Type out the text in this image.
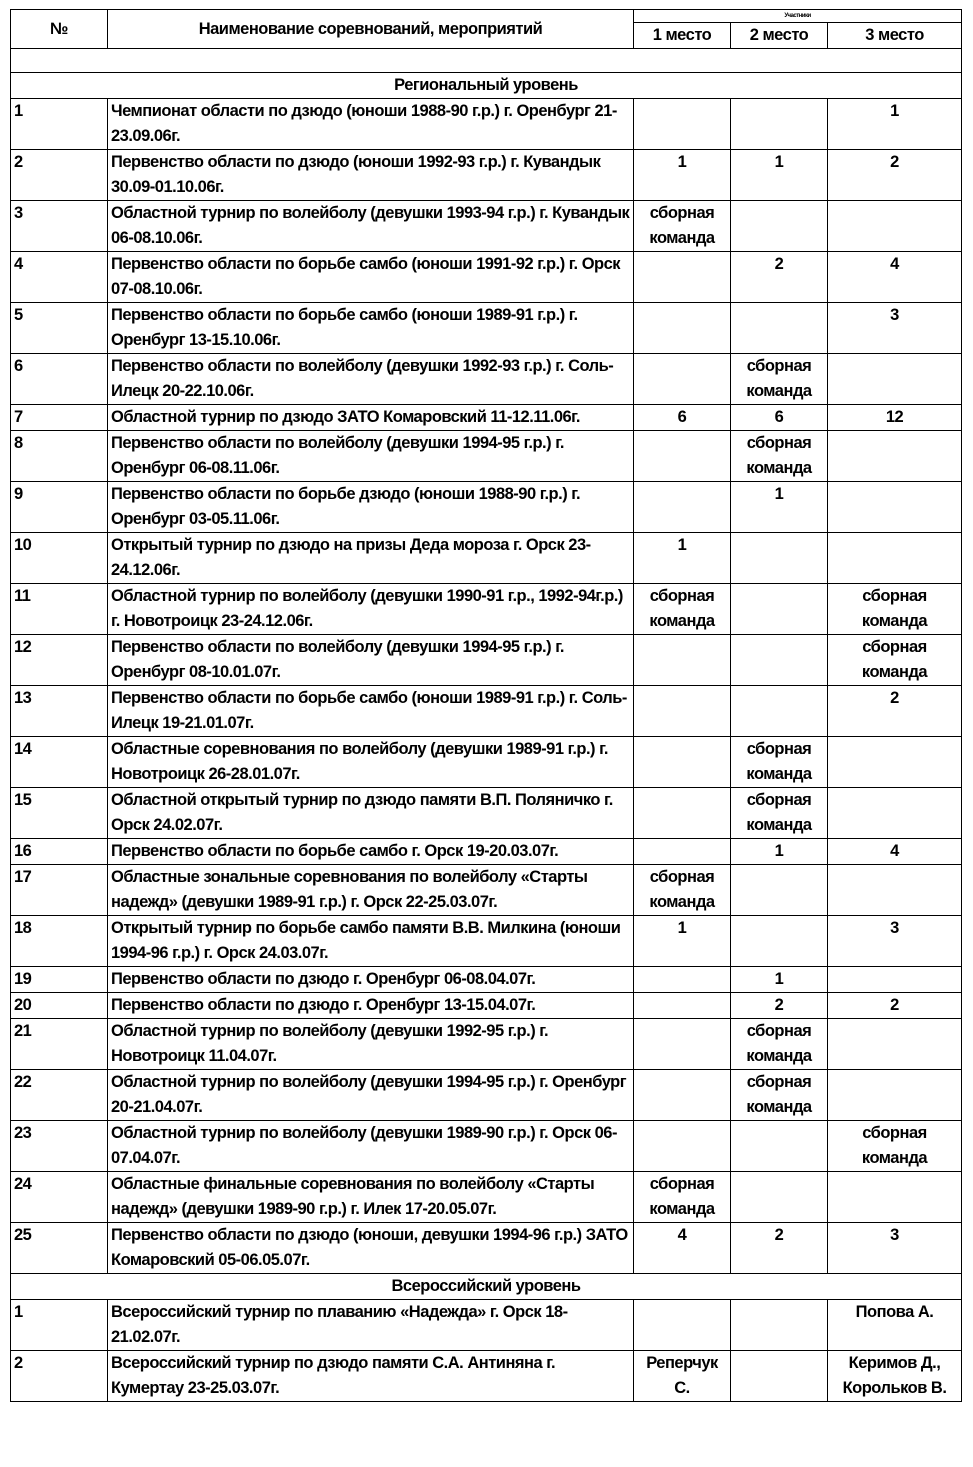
№	Наименование соревнований, мероприятий	Участники		
		1 место	2 место	3 место

Региональный уровень				
1	Чемпионат области по дзюдо (юноши 1988-90 г.р.) г. Оренбург 21-23.09.06г.			1
2	Первенство области по дзюдо (юноши 1992-93 г.р.) г. Кувандык 30.09-01.10.06г.	1	1	2
3	Областной турнир по волейболу (девушки 1993-94 г.р.) г. Кувандык 06-08.10.06г.	сборная команда		
4	Первенство области по борьбе самбо (юноши 1991-92 г.р.) г. Орск 07-08.10.06г.		2	4
5	Первенство области по борьбе самбо (юноши 1989-91 г.р.) г. Оренбург 13-15.10.06г.			3
6	Первенство области по волейболу (девушки 1992-93 г.р.) г. Соль-Илецк 20-22.10.06г.		сборная команда	
7	Областной турнир по дзюдо ЗАТО Комаровский 11-12.11.06г.	6	6	12
8	Первенство области по волейболу (девушки 1994-95 г.р.) г. Оренбург 06-08.11.06г.		сборная команда	
9	Первенство области по борьбе дзюдо (юноши 1988-90 г.р.) г. Оренбург 03-05.11.06г.		1	
10	Открытый турнир по дзюдо на призы Деда мороза г. Орск 23-24.12.06г.	1		
11	Областной турнир по волейболу (девушки 1990-91 г.р., 1992-94г.р.) г. Новотроицк 23-24.12.06г.	сборная команда		сборная команда
12	Первенство области по волейболу (девушки 1994-95 г.р.) г. Оренбург 08-10.01.07г.			сборная команда
13	Первенство области по борьбе самбо (юноши 1989-91 г.р.) г. Соль-Илецк 19-21.01.07г.			2
14	Областные соревнования по волейболу (девушки 1989-91 г.р.) г. Новотроицк 26-28.01.07г.		сборная команда	
15	Областной открытый турнир по дзюдо памяти В.П. Поляничко г. Орск 24.02.07г.		сборная команда	
16	Первенство области по борьбе самбо г. Орск 19-20.03.07г.		1	4
17	Областные зональные соревнования по волейболу «Старты надежд» (девушки 1989-91 г.р.) г. Орск 22-25.03.07г.	сборная команда		
18	Открытый турнир по борьбе самбо памяти В.В. Милкина (юноши 1994-96 г.р.) г. Орск 24.03.07г.	1		3
19	Первенство области по дзюдо г. Оренбург 06-08.04.07г.		1	
20	Первенство области по дзюдо г. Оренбург 13-15.04.07г.		2	2
21	Областной турнир по волейболу (девушки 1992-95 г.р.) г. Новотроицк 11.04.07г.		сборная команда	
22	Областной турнир по волейболу (девушки 1994-95 г.р.) г. Оренбург 20-21.04.07г.		сборная команда	
23	Областной турнир по волейболу (девушки 1989-90 г.р.) г. Орск 06-07.04.07г.			сборная команда
24	Областные финальные соревнования по волейболу «Старты надежд» (девушки 1989-90 г.р.) г. Илек 17-20.05.07г.	сборная команда		
25	Первенство области по дзюдо (юноши, девушки 1994-96 г.р.) ЗАТО Комаровский 05-06.05.07г.	4	2	3
Всероссийский уровень				
1	Всероссийский турнир по плаванию «Надежда» г. Орск 18-21.02.07г.			Попова А.
2	Всероссийский турнир по дзюдо памяти С.А. Антиняна г. Кумертау 23-25.03.07г.	Реперчук С.		Керимов Д., Корольков В.
